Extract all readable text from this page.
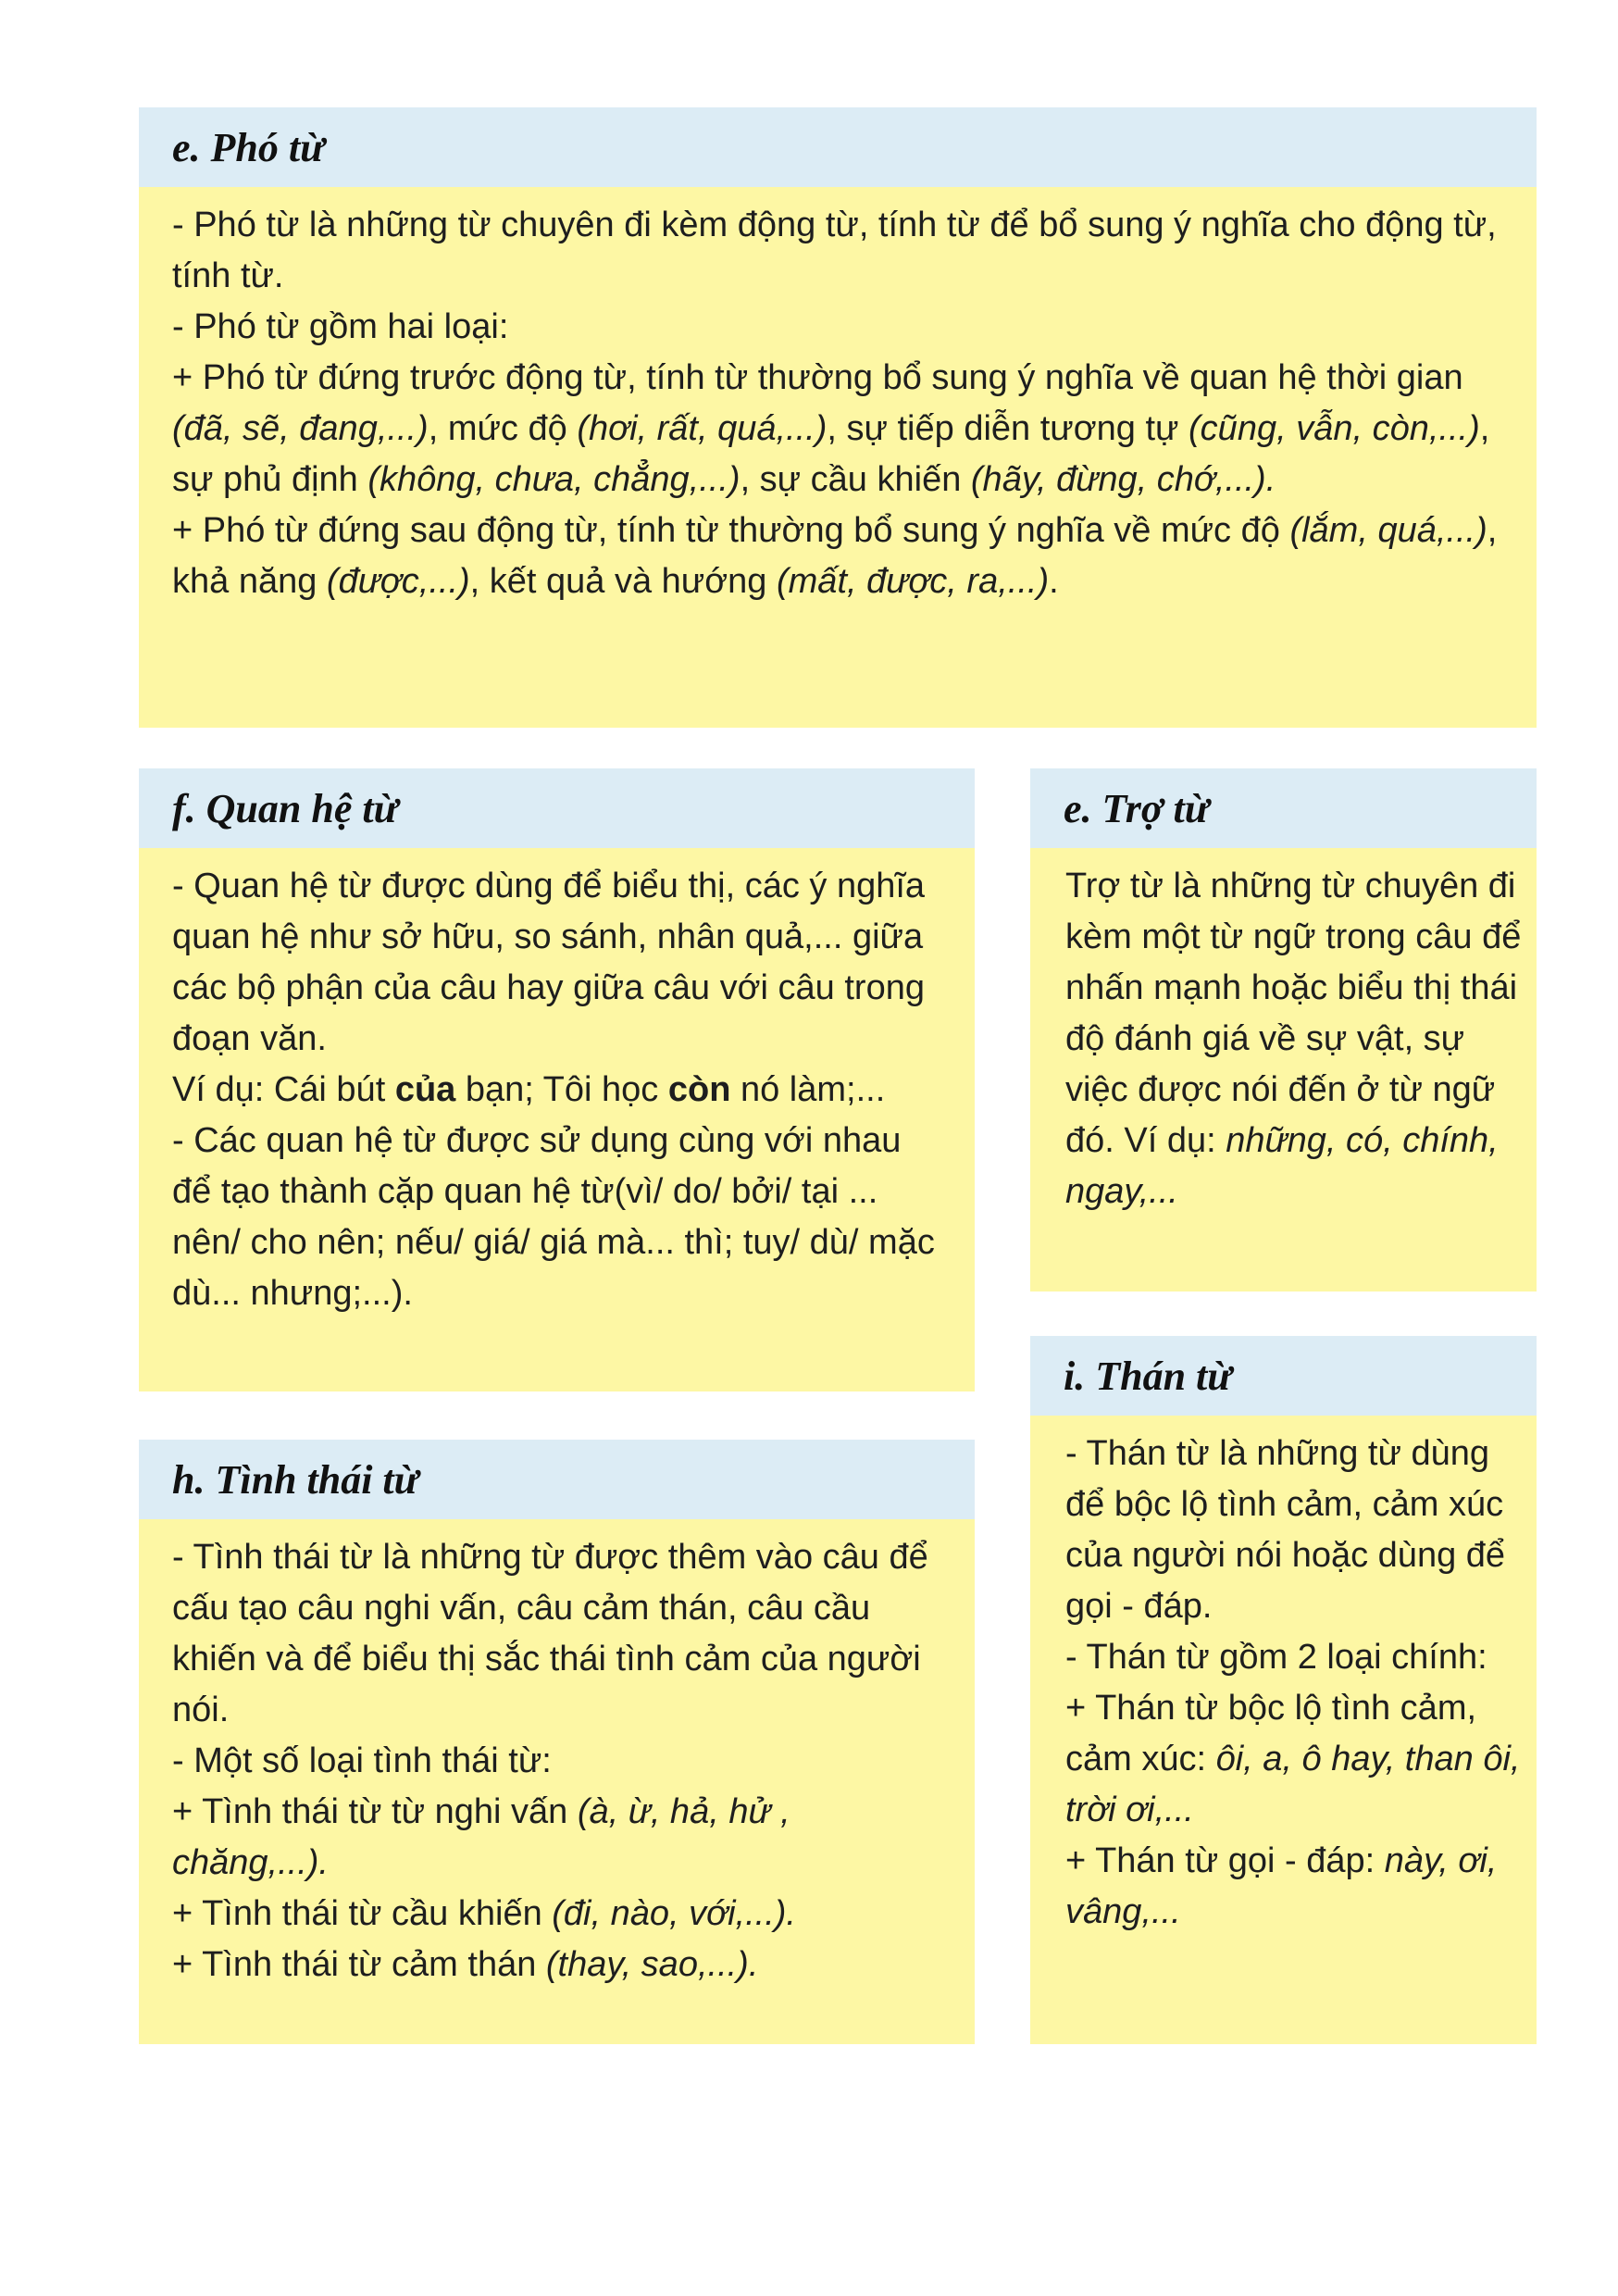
e. Phó từ

- Phó từ là những từ chuyên đi kèm động từ, tính từ để bổ sung ý nghĩa cho động từ, tính từ.

- Phó từ gồm hai loại:

+ Phó từ đứng trước động từ, tính từ thường bổ sung ý nghĩa về quan hệ thời gian (đã, sẽ, đang,...), mức độ (hơi, rất, quá,...), sự tiếp diễn tương tự (cũng, vẫn, còn,...), sự phủ định (không, chưa, chẳng,...), sự cầu khiến (hãy, đừng, chớ,...).

+ Phó từ đứng sau động từ, tính từ thường bổ sung ý nghĩa về mức độ (lắm, quá,...), khả năng (được,...), kết quả và hướng (mất, được, ra,...).

f. Quan hệ từ

- Quan hệ từ được dùng để biểu thị, các ý nghĩa quan hệ như sở hữu, so sánh, nhân quả,... giữa các bộ phận của câu hay giữa câu với câu trong đoạn văn.

Ví dụ: Cái bút của bạn; Tôi học còn nó làm;...

- Các quan hệ từ được sử dụng cùng với nhau để tạo thành cặp quan hệ từ(vì/ do/ bởi/ tại ... nên/ cho nên; nếu/ giá/ giá mà... thì; tuy/ dù/ mặc dù... nhưng;...).

e. Trợ từ

Trợ từ là những từ chuyên đi kèm một từ ngữ trong câu để nhấn mạnh hoặc biểu thị thái độ đánh giá về sự vật, sự việc được nói đến ở từ ngữ đó. Ví dụ: những, có, chính, ngay,...

h. Tình thái từ

- Tình thái từ là những từ được thêm vào câu để cấu tạo câu nghi vấn, câu cảm thán, câu cầu khiến và để biểu thị sắc thái tình cảm của người nói.

- Một số loại tình thái từ:

+ Tình thái từ từ nghi vấn (à, ừ, hả, hử , chăng,...).

+ Tình thái từ cầu khiến (đi, nào, với,...).

+ Tình thái từ cảm thán (thay, sao,...).

i. Thán từ

- Thán từ là những từ dùng để bộc lộ tình cảm, cảm xúc của người nói hoặc dùng để gọi - đáp.

- Thán từ gồm 2 loại chính:

+ Thán từ bộc lộ tình cảm, cảm xúc: ôi, a, ô hay, than ôi, trời ơi,...

+ Thán từ gọi - đáp: này, ơi, vâng,...
